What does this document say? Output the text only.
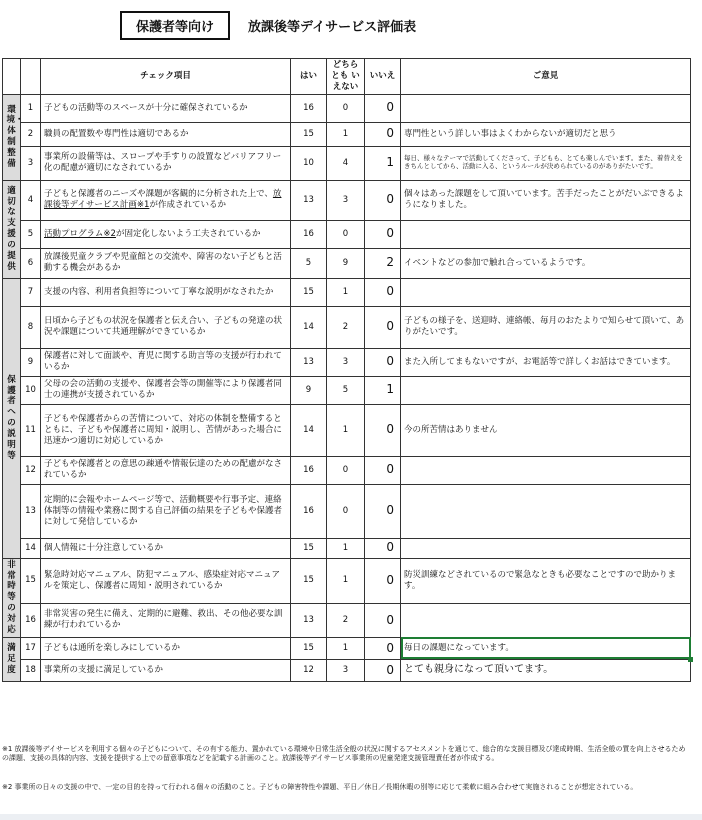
保護者等向け	放課後等デイサービス評価表
		チェック項目	はい	どちらとも いえない	いいえ	ご意見

環境・体制整備	1	子どもの活動等のスペースが十分に確保されているか	16	0	0	
	2	職員の配置数や専門性は適切であるか	15	1	0	専門性という詳しい事はよくわからないが適切だと思う
	3	事業所の設備等は、スロープや手すりの設置などバリアフリー化の配慮が適切になされているか	10	4	1	毎日、様々なテーマで活動してくださって、子どもも、とても楽しんでいます。また、着替えをきちんとしてから、活動に入る、というルールが決められているのがありがたいです。

適切な支援の提供	4	子どもと保護者のニーズや課題が客観的に分析された上で、放課後等デイサービス計画※1が作成されているか	13	3	0	個々はあった課題をして頂いています。苦手だったことがだいぶできるようになりました。
	5	活動プログラム※2が固定化しないよう工夫されているか	16	0	0	
	6	放課後児童クラブや児童館との交流や、障害のない子どもと活動する機会があるか	5	9	2	イベントなどの参加で触れ合っているようです。

保護者への説明等	7	支援の内容、利用者負担等について丁寧な説明がなされたか	15	1	0	
	8	日頃から子どもの状況を保護者と伝え合い、子どもの発達の状況や課題について共通理解ができているか	14	2	0	子どもの様子を、送迎時、連絡帳、毎月のおたよりで知らせて頂いて、ありがたいです。
	9	保護者に対して面談や、育児に関する助言等の支援が行われているか	13	3	0	また入所してまもないですが、お電話等で詳しくお話はできています。
	10	父母の会の活動の支援や、保護者会等の開催等により保護者同士の連携が支援されているか	9	5	1	
	11	子どもや保護者からの苦情について、対応の体制を整備するとともに、子どもや保護者に周知・説明し、苦情があった場合に迅速かつ適切に対応しているか	14	1	0	今の所苦情はありません
	12	子どもや保護者との意思の疎通や情報伝達のための配慮がなされているか	16	0	0	
	13	定期的に会報やホームページ等で、活動概要や行事予定、連絡体制等の情報や業務に関する自己評価の結果を子どもや保護者に対して発信しているか	16	0	0	
	14	個人情報に十分注意しているか	15	1	0	

非常時等の対応	15	緊急時対応マニュアル、防犯マニュアル、感染症対応マニュアルを策定し、保護者に周知・説明されているか	15	1	0	防災訓練などされているので緊急なときも必要なことですので助かります。
	16	非常災害の発生に備え、定期的に避難、救出、その他必要な訓練が行われているか	13	2	0	

満足度	17	子どもは通所を楽しみにしているか	15	1	0	毎日の課題になっています。

	18	事業所の支援に満足しているか	12	3	0	とても親身になって頂いてます。
※1 放課後等デイサービスを利用する個々の子どもについて、その有する能力、置かれている環境や日常生活全般の状況に関するアセスメントを通じて、総合的な支援目標及び達成時期、生活全般の質を向上させるための課題、支援の具体的内容、支援を提供する上での留意事項などを記載する計画のこと。放課後等デイサービス事業所の児童発達支援管理責任者が作成する。
※2 事業所の日々の支援の中で、一定の目的を持って行われる個々の活動のこと。子どもの障害特性や課題、平日／休日／長期休暇の別等に応じて柔軟に組み合わせて実施されることが想定されている。
